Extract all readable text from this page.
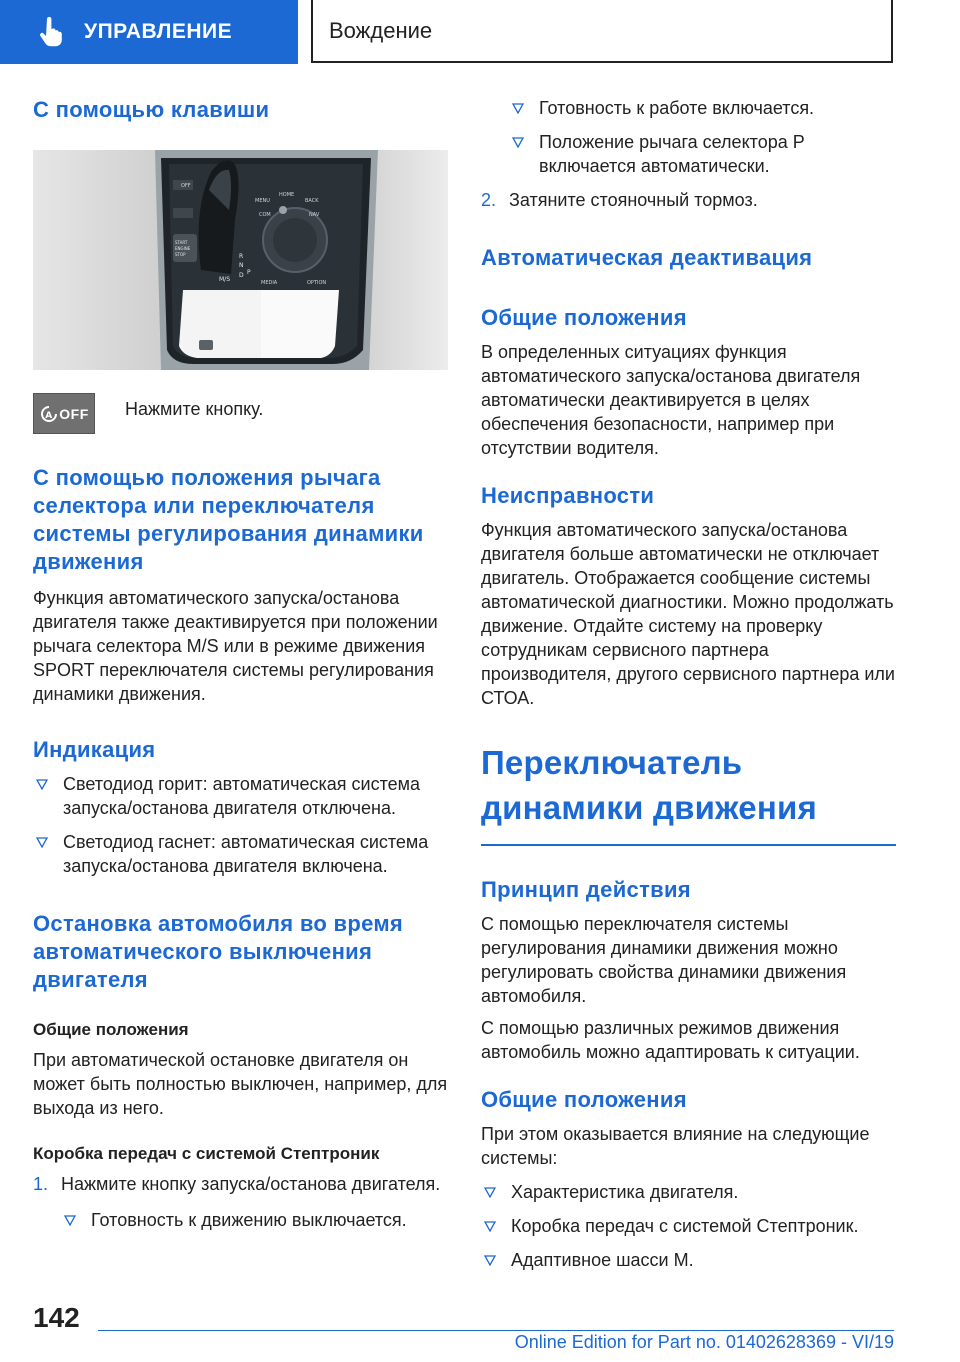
УПРАВЛЕНИЕ	Вождение
С помощью клавиши
OFF
MENU
HOME
BACK
COM	NAV
MEDIA	OPTION
START
ENGINE
STOP	R
N
P
D
M/S
A OFF Нажмите кнопку.

С помощью положения рычага селектора или переключателя системы регулирования динамики движения

Функция автоматического запуска/останова двигателя также деактивируется при положении рычага селектора M/S или в режиме движения SPORT переключателя системы регулирования динамики движения.

Индикация
Светодиод горит: автоматическая система запуска/останова двигателя отключена.
Светодиод гаснет: автоматическая система запуска/останова двигателя включена.
Остановка автомобиля во время автоматического выключения двигателя
Общие положения

При автоматической остановке двигателя он может быть полностью выключен, например, для выхода из него.

Коробка передач с системой Стептроник
1. Нажмите кнопку запуска/останова двигателя.
Готовность к движению выключается.
Готовность к работе включается.
Положение рычага селектора P включается автоматически.
2. Затяните стояночный тормоз.
Автоматическая деактивация
Общие положения

В определенных ситуациях функция автоматического запуска/останова двигателя автоматически деактивируется в целях обеспечения безопасности, например при отсутствии водителя.

Неисправности

Функция автоматического запуска/останова двигателя больше автоматически не отключает двигатель. Отображается сообщение системы автоматической диагностики. Можно продолжать движение. Отдайте систему на проверку сотрудникам сервисного партнера производителя, другого сервисного партнера или СТОА.

Переключатель динамики движения
Принцип действия

С помощью переключателя системы регулирования динамики движения можно регулировать свойства динамики движения автомобиля.

С помощью различных режимов движения автомобиль можно адаптировать к ситуации.

Общие положения

При этом оказывается влияние на следующие системы:

Характеристика двигателя.
Коробка передач с системой Стептроник.
Адаптивное шасси M.
142
Online Edition for Part no. 01402628369 - VI/19
